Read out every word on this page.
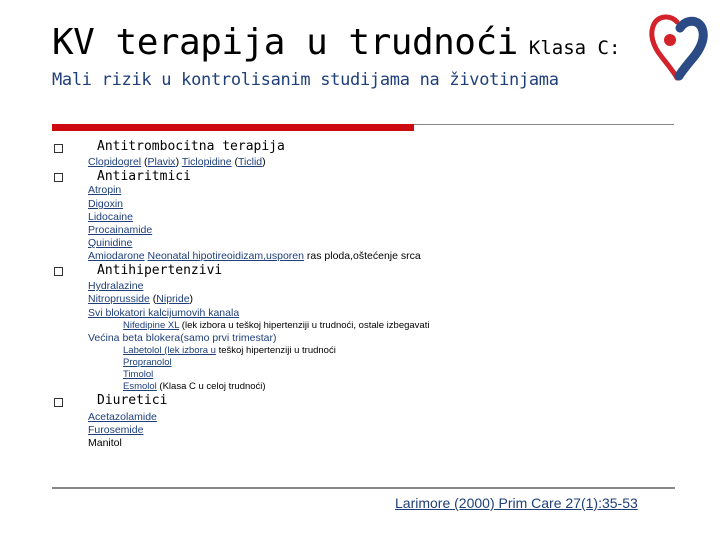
KV terapija u trudnoći Klasa C:
Mali rizik u kontrolisanim studijama na životinjama
Antitrombocitna terapija
Clopidogrel (Plavix) Ticlopidine (Ticlid)
Antiaritmici
Atropin
Digoxin
Lidocaine
Procainamide
Quinidine
Amiodarone Neonatal hipotireoidizam,usporen ras ploda,oštećenje srca
Antihipertenzivi
Hydralazine
Nitroprusside (Nipride)
Svi blokatori kalcijumovih kanala
Nifedipine XL (lek izbora u teškoj hipertenziji u trudnoći, ostale izbegavati
Većina beta blokera(samo prvi trimestar)
Labetolol (lek izbora u teškoj hipertenziji u trudnoći
Propranolol
Timolol
Esmolol (Klasa C u celoj trudnoći)
Diuretici
Acetazolamide
Furosemide
Manitol
Larimore (2000) Prim Care 27(1):35-53
